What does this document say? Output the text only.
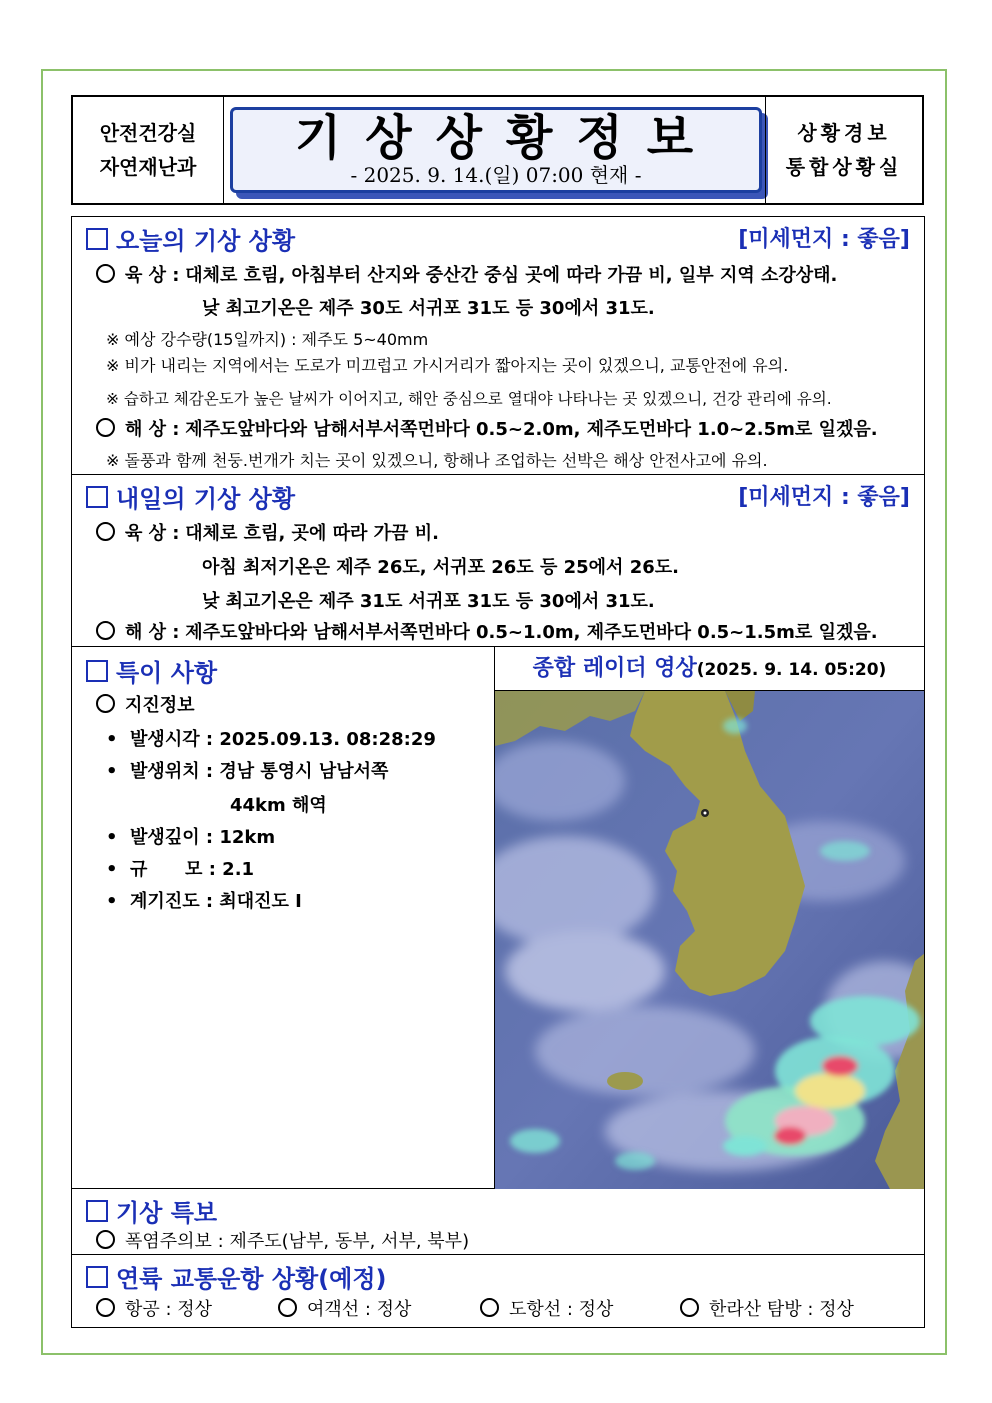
안전건강실
자연재난과
기상상황정보
- 2025. 9. 14.(일) 07:00 현재 -
상황경보
통합상황실
오늘의 기상 상황	[미세먼지 : 좋음]
육 상 : 대체로 흐림, 아침부터 산지와 중산간 중심 곳에 따라 가끔 비, 일부 지역 소강상태.
낮 최고기온은 제주 30도 서귀포 31도 등 30에서 31도.
※ 예상 강수량(15일까지) : 제주도 5~40mm
※ 비가 내리는 지역에서는 도로가 미끄럽고 가시거리가 짧아지는 곳이 있겠으니, 교통안전에 유의.
※ 습하고 체감온도가 높은 날씨가 이어지고, 해안 중심으로 열대야 나타나는 곳 있겠으니, 건강 관리에 유의.
해 상 : 제주도앞바다와 남해서부서쪽먼바다 0.5~2.0m, 제주도먼바다 1.0~2.5m로 일겠음.
※ 돌풍과 함께 천둥.번개가 치는 곳이 있겠으니, 항해나 조업하는 선박은 해상 안전사고에 유의.
내일의 기상 상황	[미세먼지 : 좋음]
육 상 : 대체로 흐림, 곳에 따라 가끔 비.
아침 최저기온은 제주 26도, 서귀포 26도 등 25에서 26도.
낮 최고기온은 제주 31도 서귀포 31도 등 30에서 31도.
해 상 : 제주도앞바다와 남해서부서쪽먼바다 0.5~1.0m, 제주도먼바다 0.5~1.5m로 일겠음.
특이 사항
지진정보
•  발생시각 : 2025.09.13. 08:28:29
•  발생위치 : 경남 통영시 남남서쪽
44km 해역
•  발생깊이 : 12km
•  규      모 : 2.1
•  계기진도 : 최대진도 Ⅰ
종합 레이더 영상(2025. 9. 14. 05:20)
기상 특보
폭염주의보 : 제주도(남부, 동부, 서부, 북부)
연륙 교통운항 상황(예정)
항공 : 정상	여객선 : 정상	도항선 : 정상	한라산 탐방 : 정상
